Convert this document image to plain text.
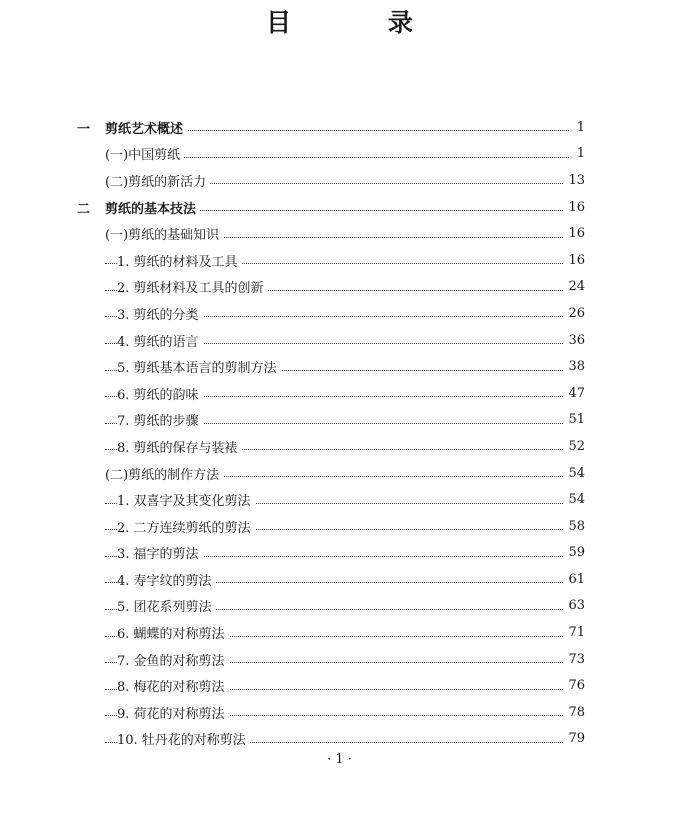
目 录
一 剪纸艺术概述	1
(一)中国剪纸	1
(二)剪纸的新活力	13
二 剪纸的基本技法	16
(一)剪纸的基础知识	16
1. 剪纸的材料及工具	16
2. 剪纸材料及工具的创新	24
3. 剪纸的分类	26
4. 剪纸的语言	36
5. 剪纸基本语言的剪制方法	38
6. 剪纸的韵味	47
7. 剪纸的步骤	51
8. 剪纸的保存与装裱	52
(二)剪纸的制作方法	54
1. 双喜字及其变化剪法	54
2. 二方连续剪纸的剪法	58
3. 福字的剪法	59
4. 寿字纹的剪法	61
5. 团花系列剪法	63
6. 蝴蝶的对称剪法	71
7. 金鱼的对称剪法	73
8. 梅花的对称剪法	76
9. 荷花的对称剪法	78
10. 牡丹花的对称剪法	79
· 1 ·
